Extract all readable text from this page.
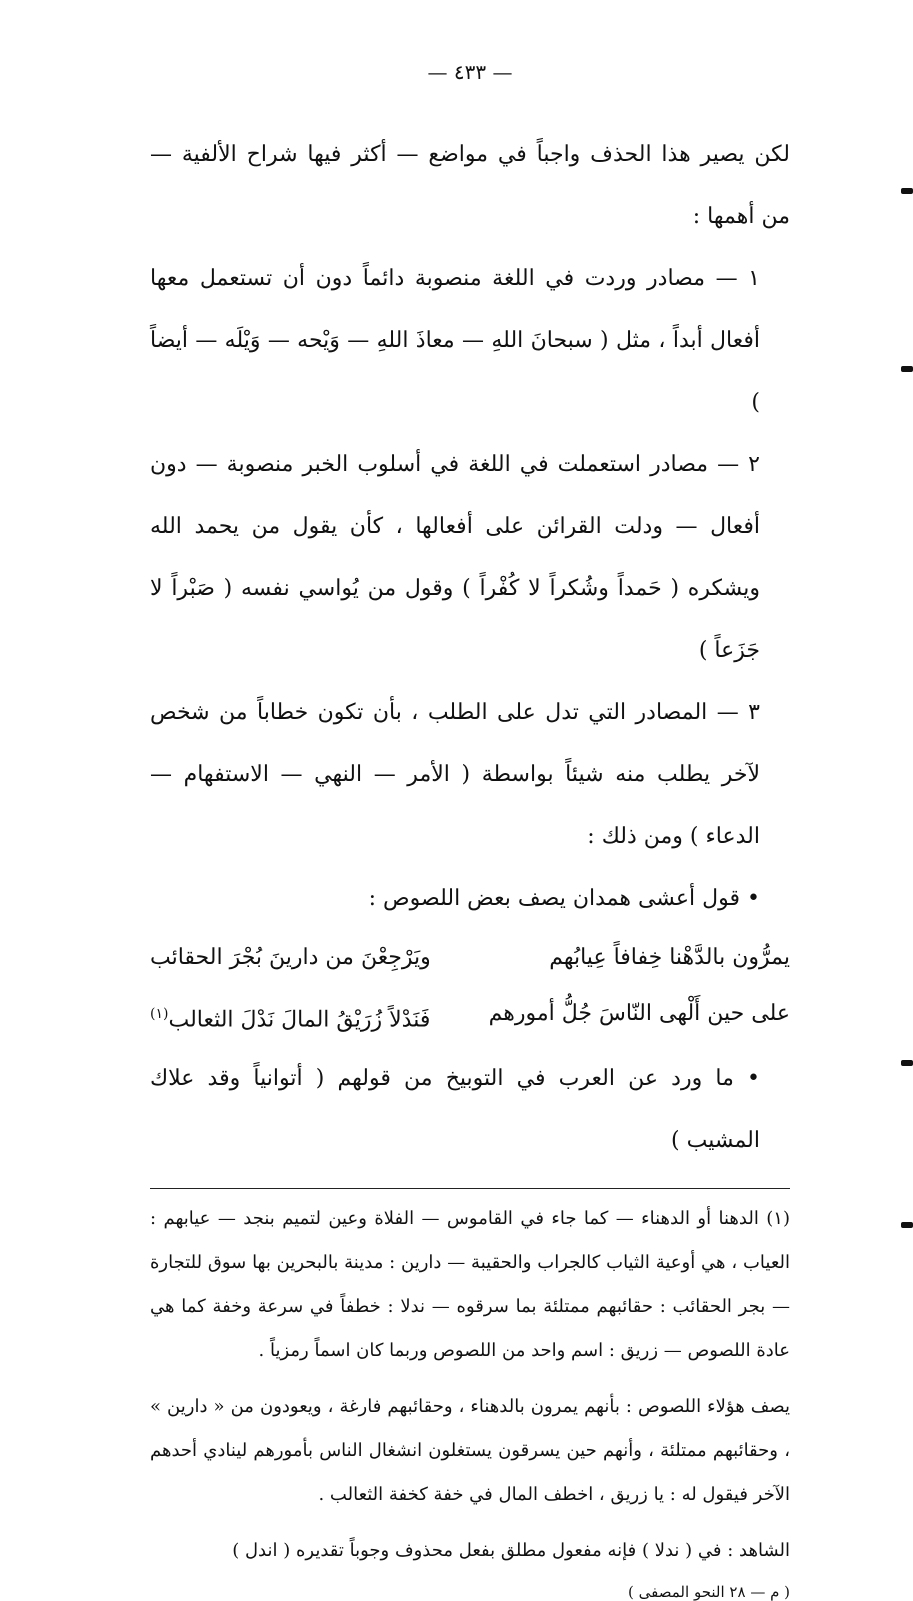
— ٤٣٣ —

لكن يصير هذا الحذف واجباً في مواضع — أكثر فيها شراح الألفية — من أهمها :

١ — مصادر وردت في اللغة منصوبة دائماً دون أن تستعمل معها أفعال أبداً ، مثل ( سبحانَ اللهِ — معاذَ اللهِ — وَيْحه — وَيْلَه — أيضاً )

٢ — مصادر استعملت في اللغة في أسلوب الخبر منصوبة — دون أفعال — ودلت القرائن على أفعالها ، كأن يقول من يحمد الله ويشكره ( حَمداً وشُكراً لا كُفْراً ) وقول من يُواسي نفسه ( صَبْراً لا جَزَعاً )

٣ — المصادر التي تدل على الطلب ، بأن تكون خطاباً من شخص لآخر يطلب منه شيئاً بواسطة ( الأمر — النهي — الاستفهام — الدعاء ) ومن ذلك :

• قول أعشى همدان يصف بعض اللصوص :

يمرُّون بالدَّهْنا خِفافاً عِيابُهم
ويَرْجِعْنَ من دارينَ بُجْرَ الحقائب
على حين أَلْهى النّاسَ جُلُّ أمورهم
فَنَدْلاً زُرَيْقُ المالَ نَدْلَ الثعالب$^{(١)}$

• ما ورد عن العرب في التوبيخ من قولهم ( أتوانياً وقد علاك المشيب )

(١) الدهنا أو الدهناء — كما جاء في القاموس — الفلاة وعين لتميم بنجد — عيابهم : العياب ، هي أوعية الثياب كالجراب والحقيبة — دارين : مدينة بالبحرين بها سوق للتجارة — بجر الحقائب : حقائبهم ممتلئة بما سرقوه — ندلا : خطفاً في سرعة وخفة كما هي عادة اللصوص — زريق : اسم واحد من اللصوص وربما كان اسماً رمزياً .

يصف هؤلاء اللصوص : بأنهم يمرون بالدهناء ، وحقائبهم فارغة ، ويعودون من « دارين » ، وحقائبهم ممتلئة ، وأنهم حين يسرقون يستغلون انشغال الناس بأمورهم لينادي أحدهم الآخر فيقول له : يا زريق ، اخطف المال في خفة كخفة الثعالب .

الشاهد : في ( ندلا ) فإنه مفعول مطلق بفعل محذوف وجوباً تقديره ( اندل )

( م — ٢٨ النحو المصفى )
